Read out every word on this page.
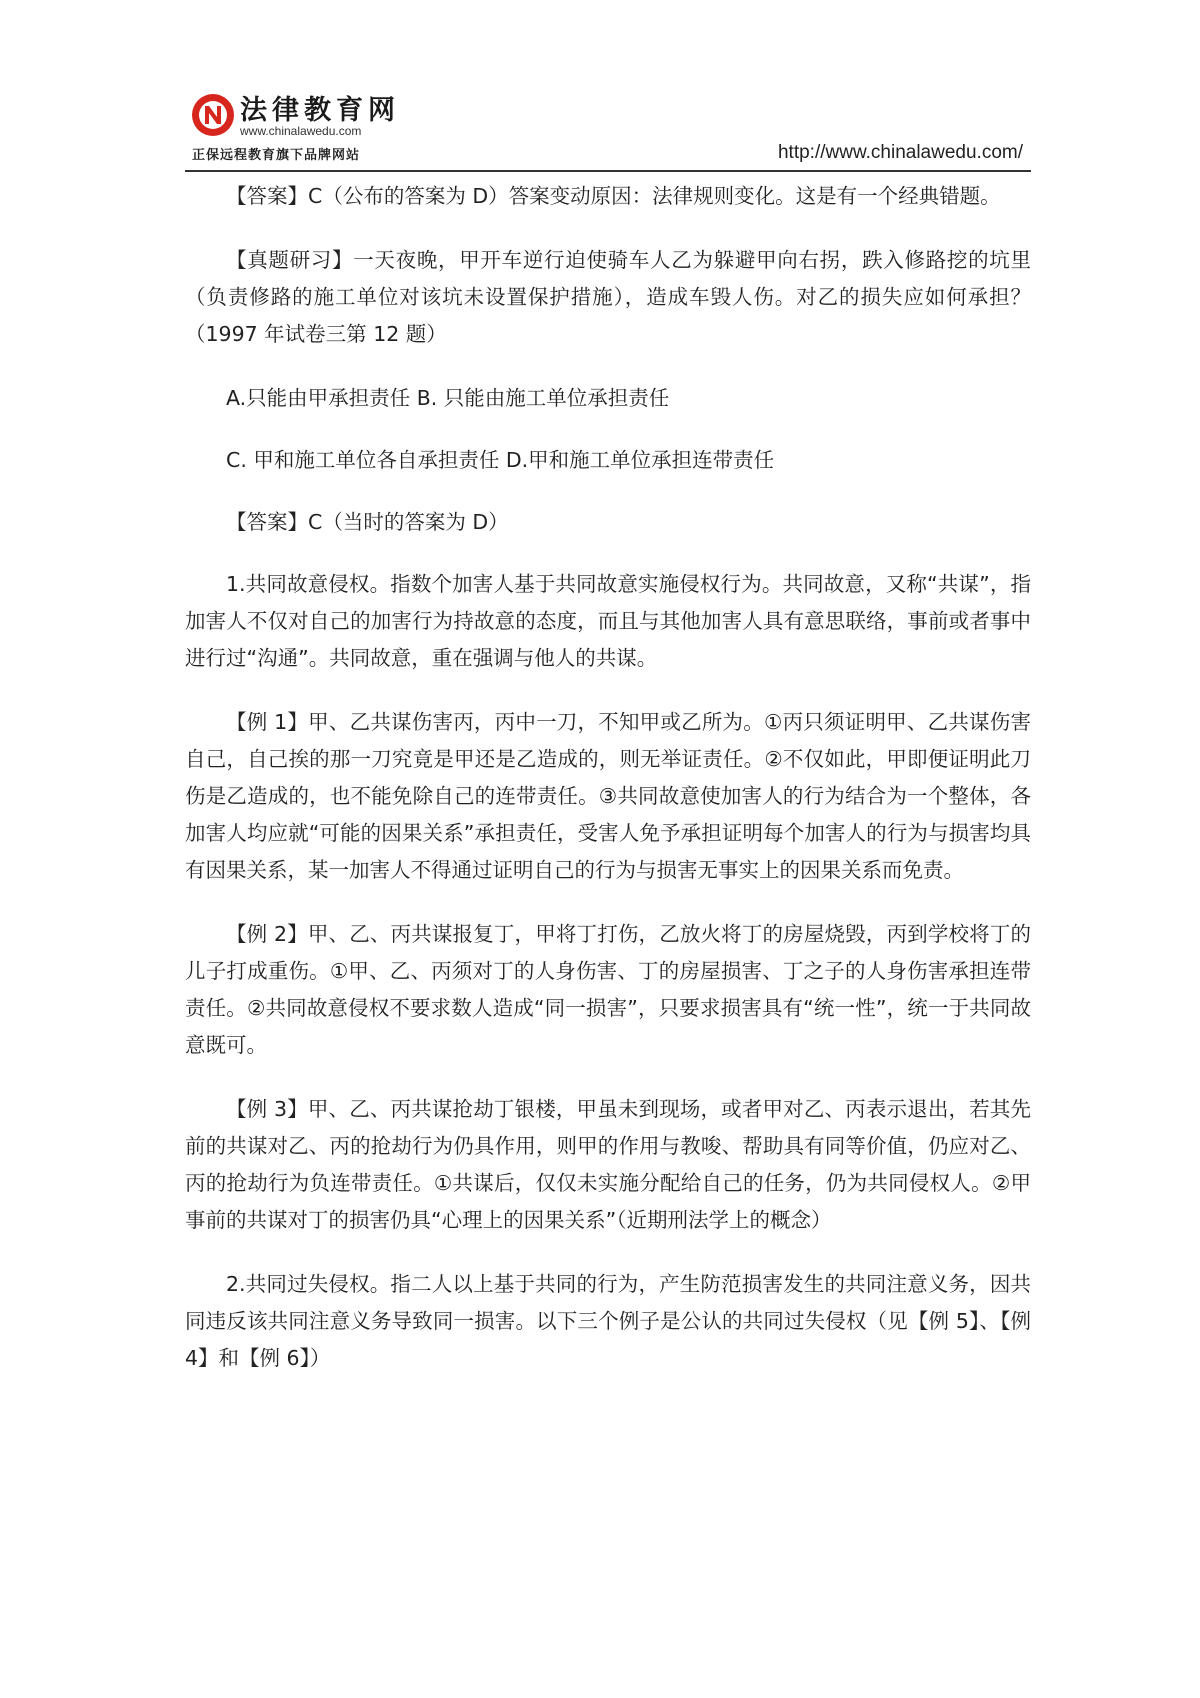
法律教育网
www.chinalawedu.com
正保远程教育旗下品牌网站	http://www.chinalawedu.com/

【答案】C（公布的答案为 D）答案变动原因：法律规则变化。这是有一个经典错题。

【真题研习】一天夜晚，甲开车逆行迫使骑车人乙为躲避甲向右拐，跌入修路挖的坑里（负责修路的施工单位对该坑未设置保护措施），造成车毁人伤。对乙的损失应如何承担？（1997 年试卷三第 12 题）

A.只能由甲承担责任 B. 只能由施工单位承担责任

C. 甲和施工单位各自承担责任 D.甲和施工单位承担连带责任

【答案】C（当时的答案为 D）

1.共同故意侵权。指数个加害人基于共同故意实施侵权行为。共同故意，又称“共谋”，指加害人不仅对自己的加害行为持故意的态度，而且与其他加害人具有意思联络，事前或者事中进行过“沟通”。共同故意，重在强调与他人的共谋。

【例 1】甲、乙共谋伤害丙，丙中一刀，不知甲或乙所为。①丙只须证明甲、乙共谋伤害自己，自己挨的那一刀究竟是甲还是乙造成的，则无举证责任。②不仅如此，甲即便证明此刀伤是乙造成的，也不能免除自己的连带责任。③共同故意使加害人的行为结合为一个整体，各加害人均应就“可能的因果关系”承担责任，受害人免予承担证明每个加害人的行为与损害均具有因果关系，某一加害人不得通过证明自己的行为与损害无事实上的因果关系而免责。

【例 2】甲、乙、丙共谋报复丁，甲将丁打伤，乙放火将丁的房屋烧毁，丙到学校将丁的儿子打成重伤。①甲、乙、丙须对丁的人身伤害、丁的房屋损害、丁之子的人身伤害承担连带责任。②共同故意侵权不要求数人造成“同一损害”，只要求损害具有“统一性”，统一于共同故意既可。

【例 3】甲、乙、丙共谋抢劫丁银楼，甲虽未到现场，或者甲对乙、丙表示退出，若其先前的共谋对乙、丙的抢劫行为仍具作用，则甲的作用与教唆、帮助具有同等价值，仍应对乙、丙的抢劫行为负连带责任。①共谋后，仅仅未实施分配给自己的任务，仍为共同侵权人。②甲事前的共谋对丁的损害仍具“心理上的因果关系”（近期刑法学上的概念）

2.共同过失侵权。指二人以上基于共同的行为，产生防范损害发生的共同注意义务，因共同违反该共同注意义务导致同一损害。以下三个例子是公认的共同过失侵权（见【例 5】、【例 4】和【例 6】）
